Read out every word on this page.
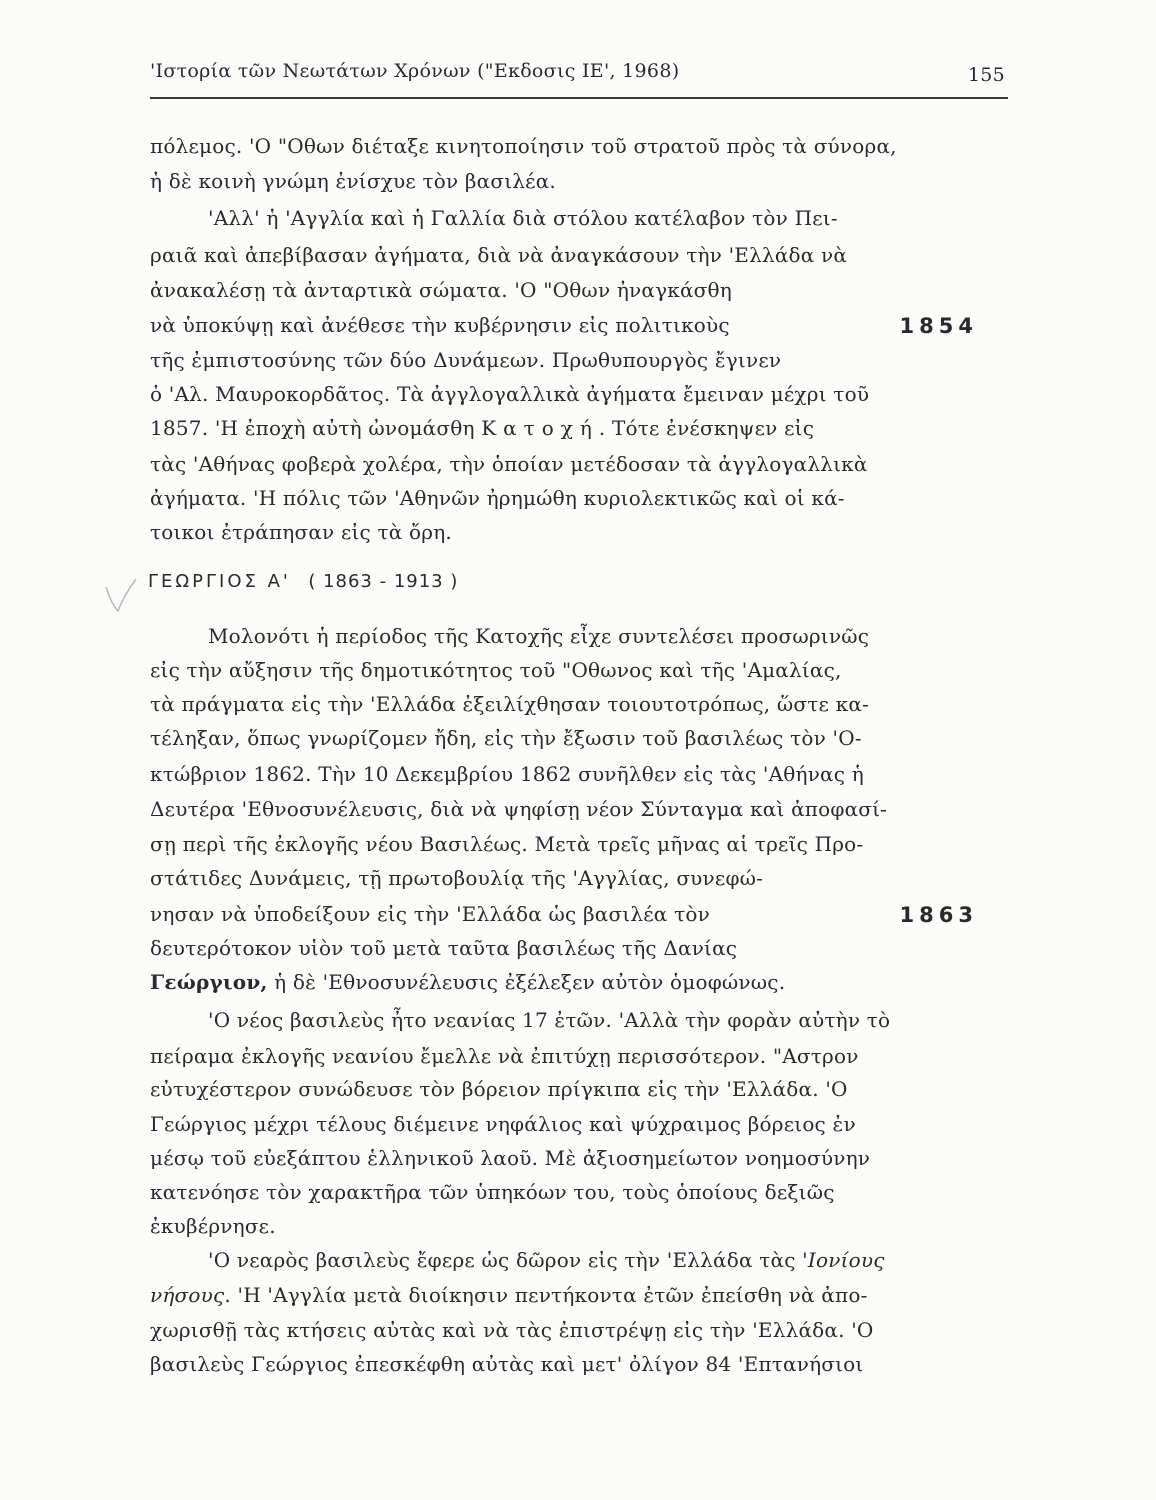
'Ιστορία τῶν Νεωτάτων Χρόνων ("Εκδοσις ΙΕ', 1968)	155
πόλεμος. 'Ο "Οθων διέταξε κινητοποίησιν τοῦ στρατοῦ πρὸς τὰ σύνορα,
ἡ δὲ κοινὴ γνώμη ἐνίσχυε τὸν βασιλέα.
'Αλλ' ἡ 'Αγγλία καὶ ἡ Γαλλία διὰ στόλου κατέλαβον τὸν Πει-
ραιᾶ καὶ ἀπεβίβασαν ἀγήματα, διὰ νὰ ἀναγκάσουν τὴν 'Ελλάδα νὰ
ἀνακαλέσῃ τὰ ἀνταρτικὰ σώματα. 'Ο "Οθων ἠναγκάσθη
νὰ ὑποκύψῃ καὶ ἀνέθεσε τὴν κυβέρνησιν εἰς πολιτικοὺς	1854
τῆς ἐμπιστοσύνης τῶν δύο Δυνάμεων. Πρωθυπουργὸς ἔγινεν
ὁ 'Αλ. Μαυροκορδᾶτος. Τὰ ἀγγλογαλλικὰ ἀγήματα ἔμειναν μέχρι τοῦ
1857. 'Η ἐποχὴ αὐτὴ ὠνομάσθη Κατοχή. Τότε ἐνέσκηψεν εἰς
τὰς 'Αθήνας φοβερὰ χολέρα, τὴν ὁποίαν μετέδοσαν τὰ ἀγγλογαλλικὰ
ἀγήματα. 'Η πόλις τῶν 'Αθηνῶν ἠρημώθη κυριολεκτικῶς καὶ οἱ κά-
τοικοι ἐτράπησαν εἰς τὰ ὄρη.
ΓΕΩΡΓΙΟΣ Α' ( 1863 - 1913 )
Μολονότι ἡ περίοδος τῆς Κατοχῆς εἶχε συντελέσει προσωρινῶς
εἰς τὴν αὔξησιν τῆς δημοτικότητος τοῦ "Οθωνος καὶ τῆς 'Αμαλίας,
τὰ πράγματα εἰς τὴν 'Ελλάδα ἐξειλίχθησαν τοιουτοτρόπως, ὥστε κα-
τέληξαν, ὅπως γνωρίζομεν ἤδη, εἰς τὴν ἔξωσιν τοῦ βασιλέως τὸν 'Ο-
κτώβριον 1862. Τὴν 10 Δεκεμβρίου 1862 συνῆλθεν εἰς τὰς 'Αθήνας ἡ
Δευτέρα 'Εθνοσυνέλευσις, διὰ νὰ ψηφίσῃ νέον Σύνταγμα καὶ ἀποφασί-
σῃ περὶ τῆς ἐκλογῆς νέου Βασιλέως. Μετὰ τρεῖς μῆνας αἱ τρεῖς Προ-
στάτιδες Δυνάμεις, τῇ πρωτοβουλίᾳ τῆς 'Αγγλίας, συνεφώ-
νησαν νὰ ὑποδείξουν εἰς τὴν 'Ελλάδα ὡς βασιλέα τὸν	1863
δευτερότοκον υἱὸν τοῦ μετὰ ταῦτα βασιλέως τῆς Δανίας
Γεώργιον, ἡ δὲ 'Εθνοσυνέλευσις ἐξέλεξεν αὐτὸν ὁμοφώνως.
'Ο νέος βασιλεὺς ἦτο νεανίας 17 ἐτῶν. 'Αλλὰ τὴν φορὰν αὐτὴν τὸ
πείραμα ἐκλογῆς νεανίου ἔμελλε νὰ ἐπιτύχῃ περισσότερον. "Αστρον
εὐτυχέστερον συνώδευσε τὸν βόρειον πρίγκιπα εἰς τὴν 'Ελλάδα. 'Ο
Γεώργιος μέχρι τέλους διέμεινε νηφάλιος καὶ ψύχραιμος βόρειος ἐν
μέσῳ τοῦ εὐεξάπτου ἑλληνικοῦ λαοῦ. Μὲ ἀξιοσημείωτον νοημοσύνην
κατενόησε τὸν χαρακτῆρα τῶν ὑπηκόων του, τοὺς ὁποίους δεξιῶς
ἐκυβέρνησε.
'Ο νεαρὸς βασιλεὺς ἔφερε ὡς δῶρον εἰς τὴν 'Ελλάδα τὰς 'Ιονίους
νήσους. 'Η 'Αγγλία μετὰ διοίκησιν πεντήκοντα ἐτῶν ἐπείσθη νὰ ἀπο-
χωρισθῇ τὰς κτήσεις αὐτὰς καὶ νὰ τὰς ἐπιστρέψῃ εἰς τὴν 'Ελλάδα. 'Ο
βασιλεὺς Γεώργιος ἐπεσκέφθη αὐτὰς καὶ μετ' ὀλίγον 84 'Επτανήσιοι
